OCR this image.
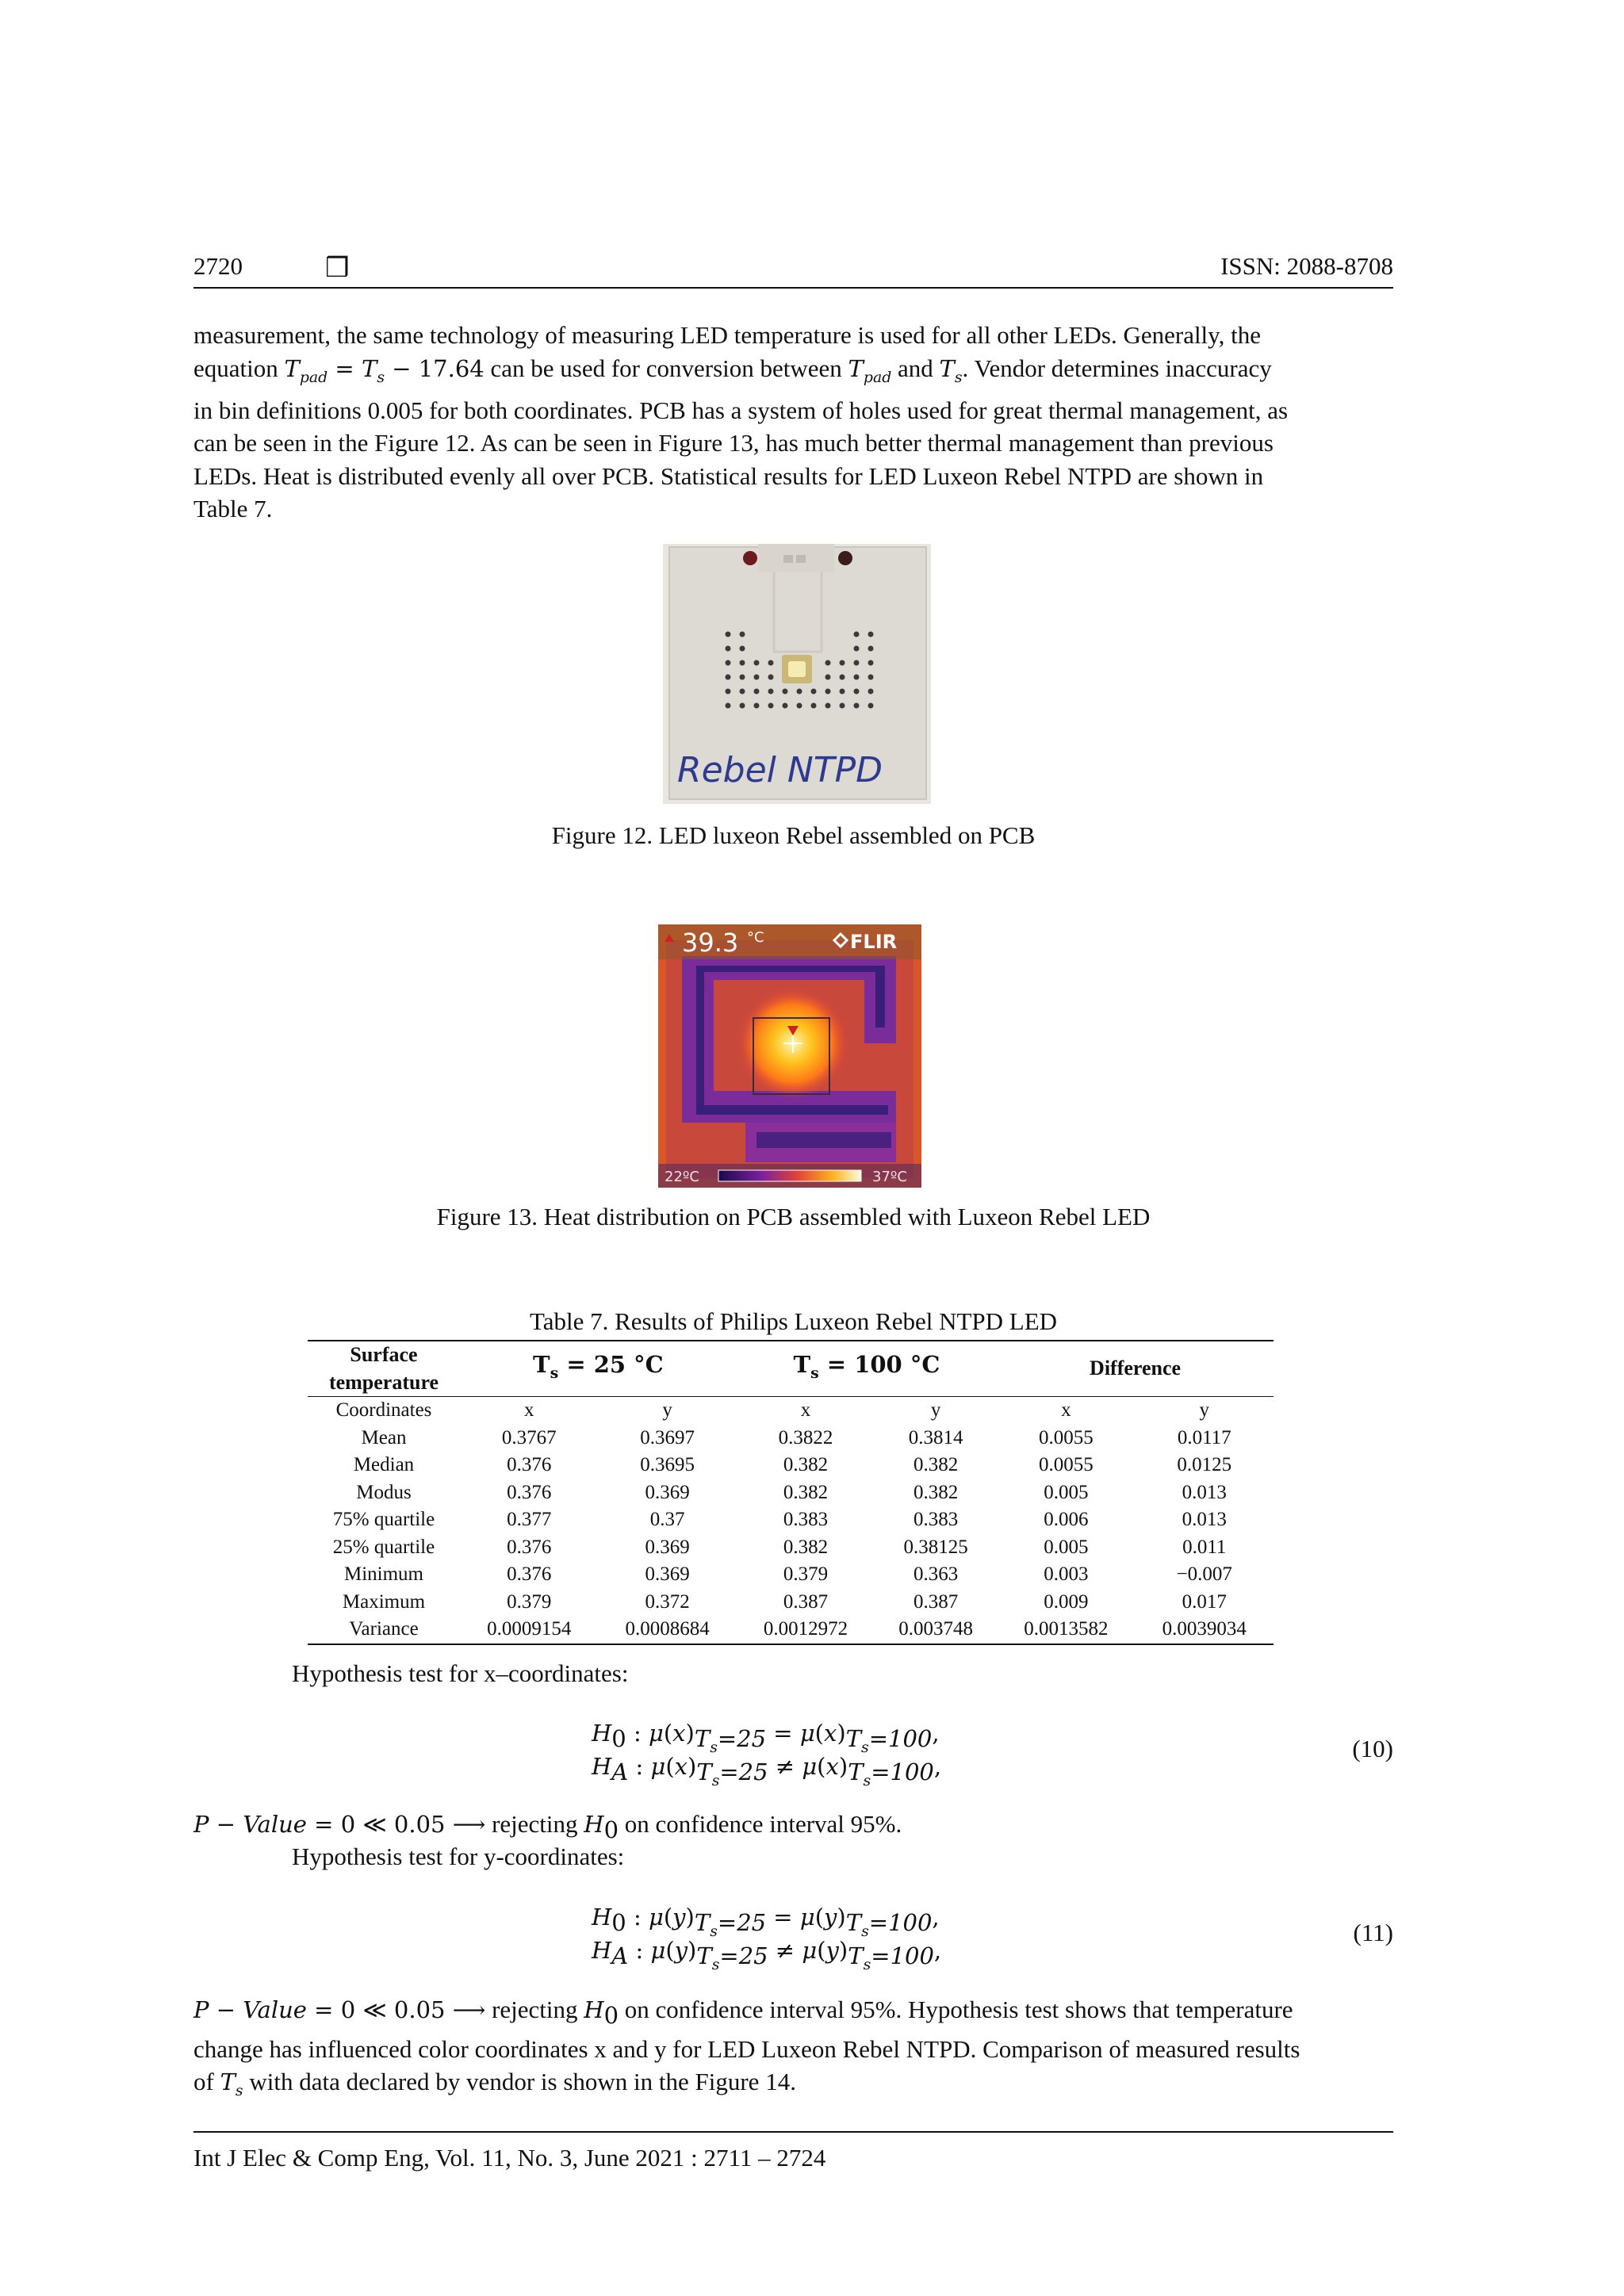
2720	❒	ISSN: 2088-8708
measurement, the same technology of measuring LED temperature is used for all other LEDs. Generally, the
equation $T_{pad} = T_s - 17.64$ can be used for conversion between $T_{pad}$ and $T_s$. Vendor determines inaccuracy
in bin definitions 0.005 for both coordinates. PCB has a system of holes used for great thermal management, as
can be seen in the Figure 12. As can be seen in Figure 13, has much better thermal management than previous
LEDs. Heat is distributed evenly all over PCB. Statistical results for LED Luxeon Rebel NTPD are shown in
Table 7.
Rebel NTPD
Figure 12. LED luxeon Rebel assembled on PCB
39.3 °C	FLIR
22ºC	37ºC
Figure 13. Heat distribution on PCB assembled with Luxeon Rebel LED
Table 7. Results of Philips Luxeon Rebel NTPD LED
Surface temperature	$T_s = 25$ °C		$T_s = 100$ °C		Difference	
Coordinates	x	y	x	y	x	y
Mean	0.3767	0.3697	0.3822	0.3814	0.0055	0.0117
Median	0.376	0.3695	0.382	0.382	0.0055	0.0125
Modus	0.376	0.369	0.382	0.382	0.005	0.013
75% quartile	0.377	0.37	0.383	0.383	0.006	0.013
25% quartile	0.376	0.369	0.382	0.38125	0.005	0.011
Minimum	0.376	0.369	0.379	0.363	0.003	−0.007
Maximum	0.379	0.372	0.387	0.387	0.009	0.017
Variance	0.0009154	0.0008684	0.0012972	0.003748	0.0013582	0.0039034
Hypothesis test for x–coordinates:
$H_0$ : $\mu(x)_{T_s=25} = \mu(x)_{T_s=100}$,
$H_A$ : $\mu(x)_{T_s=25} \ne \mu(x)_{T_s=100}$,
(10)
P − Value = 0 ≪ 0.05 ⟶ rejecting $H_0$ on confidence interval 95%.
Hypothesis test for y-coordinates:
$H_0$ : $\mu(y)_{T_s=25} = \mu(y)_{T_s=100}$,
$H_A$ : $\mu(y)_{T_s=25} \ne \mu(y)_{T_s=100}$,
(11)
P − Value = 0 ≪ 0.05 ⟶ rejecting $H_0$ on confidence interval 95%. Hypothesis test shows that temperature
change has influenced color coordinates x and y for LED Luxeon Rebel NTPD. Comparison of measured results
of $T_s$ with data declared by vendor is shown in the Figure 14.
Int J Elec & Comp Eng, Vol. 11, No. 3, June 2021 : 2711 – 2724
